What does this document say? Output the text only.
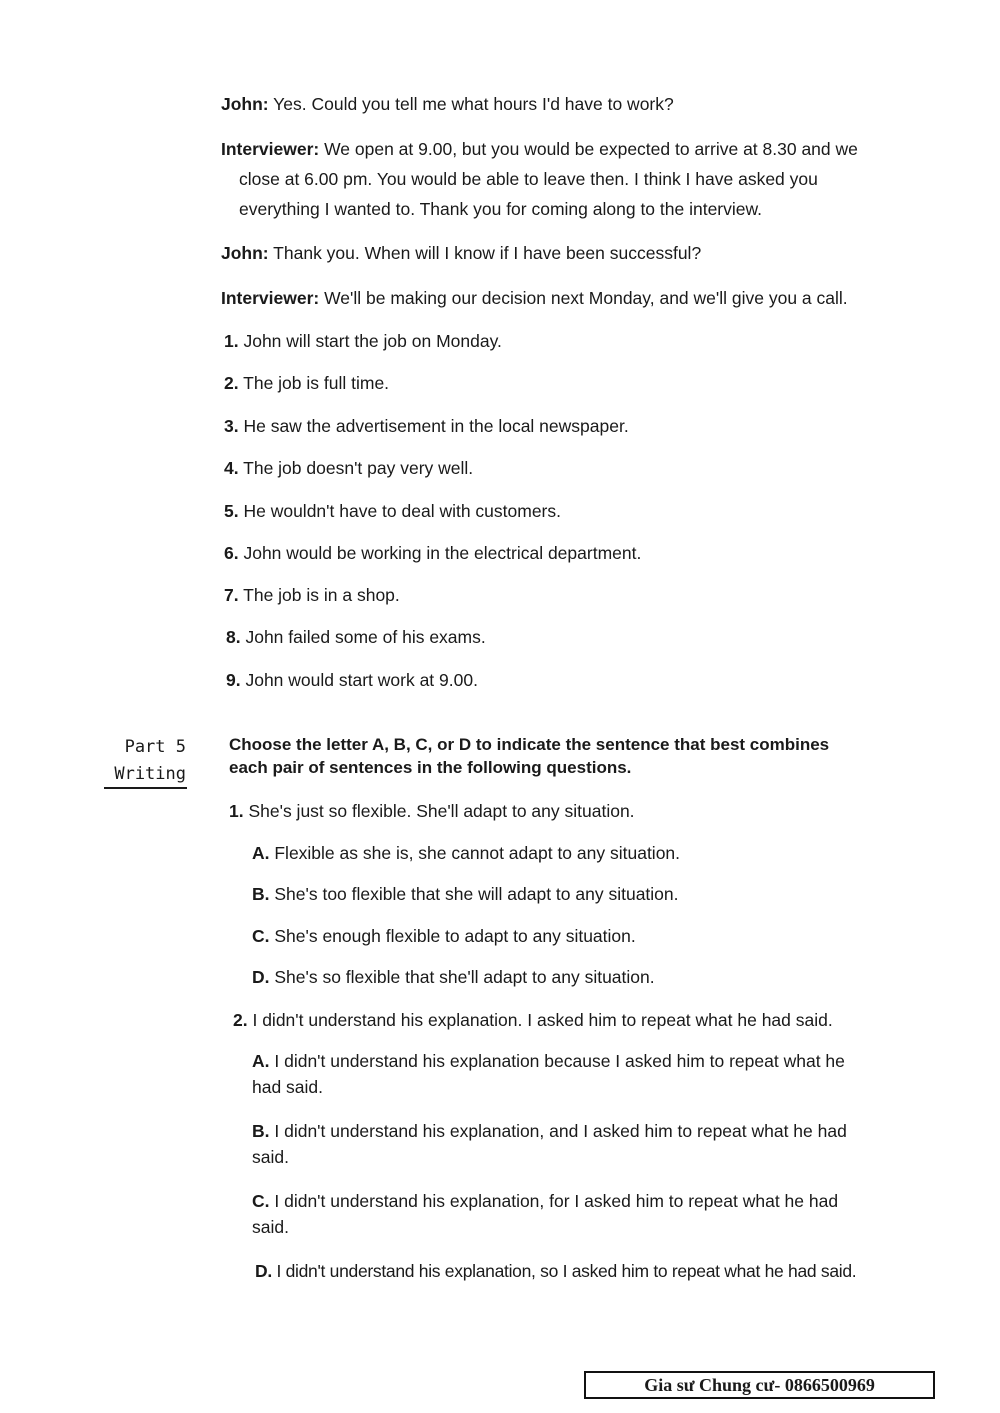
John: Yes. Could you tell me what hours I'd have to work?
Interviewer: We open at 9.00, but you would be expected to arrive at 8.30 and we close at 6.00 pm. You would be able to leave then. I think I have asked you everything I wanted to. Thank you for coming along to the interview.
John: Thank you. When will I know if I have been successful?
Interviewer: We'll be making our decision next Monday, and we'll give you a call.
1. John will start the job on Monday.
2. The job is full time.
3. He saw the advertisement in the local newspaper.
4. The job doesn't pay very well.
5. He wouldn't have to deal with customers.
6. John would be working in the electrical department.
7. The job is in a shop.
8. John failed some of his exams.
9. John would start work at 9.00.
Part 5
Writing
Choose the letter A, B, C, or D to indicate the sentence that best combines each pair of sentences in the following questions.
1. She's just so flexible. She'll adapt to any situation.
A. Flexible as she is, she cannot adapt to any situation.
B. She's too flexible that she will adapt to any situation.
C. She's enough flexible to adapt to any situation.
D. She's so flexible that she'll adapt to any situation.
2. I didn't understand his explanation. I asked him to repeat what he had said.
A. I didn't understand his explanation because I asked him to repeat what he had said.
B. I didn't understand his explanation, and I asked him to repeat what he had said.
C. I didn't understand his explanation, for I asked him to repeat what he had said.
D. I didn't understand his explanation, so I asked him to repeat what he had said.
Gia sư Chung cư- 0866500969
